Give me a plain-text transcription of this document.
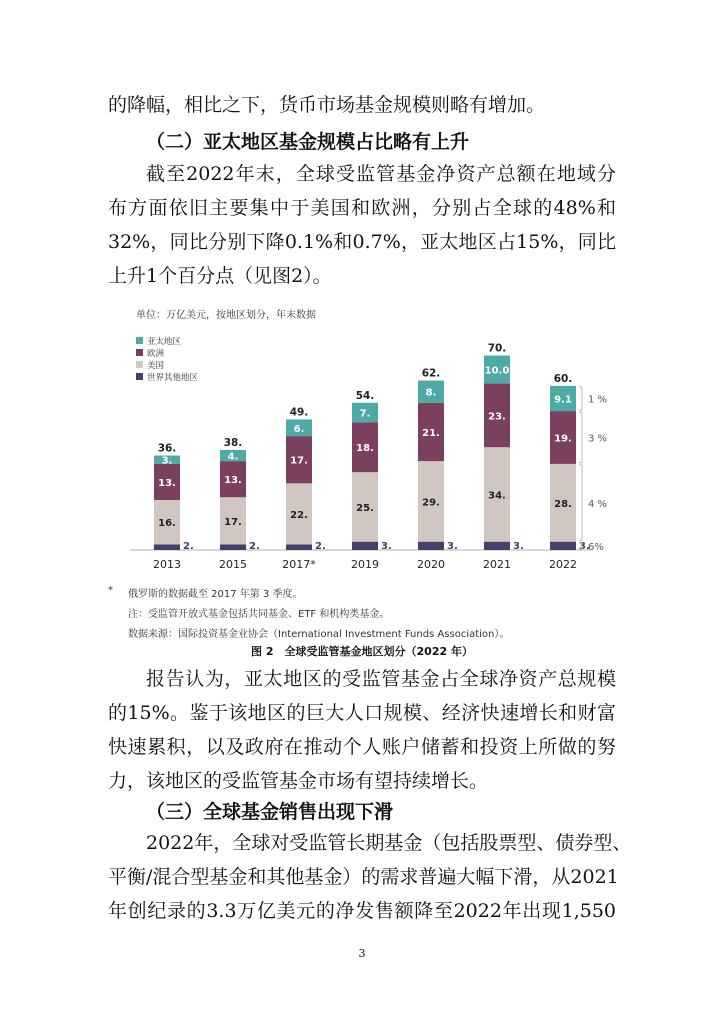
的降幅，相比之下，货币市场基金规模则略有增加。
（二）亚太地区基金规模占比略有上升
截至2022年末，全球受监管基金净资产总额在地域分
布方面依旧主要集中于美国和欧洲，分别占全球的48%和
32%，同比分别下降0.1%和0.7%，亚太地区占15%，同比
上升1个百分点（见图2）。
单位：万亿美元，按地区划分，年末数据
2.
16.
13.
3.
36.
2013
2.
17.
13.
4.
38.
2015
2.
22.
17.
6.
49.
2017*
3.
25.
18.
7.
54.
2019
3.
29.
21.
8.
62.
2020
3.
34.
23.
10.0
70.
2021
3.
28.
19.
9.1
60.
2022
亚太地区
欧洲
美国
世界其他地区
1 %
3 %
4 %
6%
* 俄罗斯的数据截至 2017 年第 3 季度。
注：受监管开放式基金包括共同基金、ETF 和机构类基金。
数据来源：国际投资基金业协会（International Investment Funds Association）。
图 2　全球受监管基金地区划分（2022 年）
报告认为，亚太地区的受监管基金占全球净资产总规模
的15%。鉴于该地区的巨大人口规模、经济快速增长和财富
快速累积，以及政府在推动个人账户储蓄和投资上所做的努
力，该地区的受监管基金市场有望持续增长。
（三）全球基金销售出现下滑
2022年，全球对受监管长期基金（包括股票型、债券型、
平衡/混合型基金和其他基金）的需求普遍大幅下滑，从2021
年创纪录的3.3万亿美元的净发售额降至2022年出现1,550
3
